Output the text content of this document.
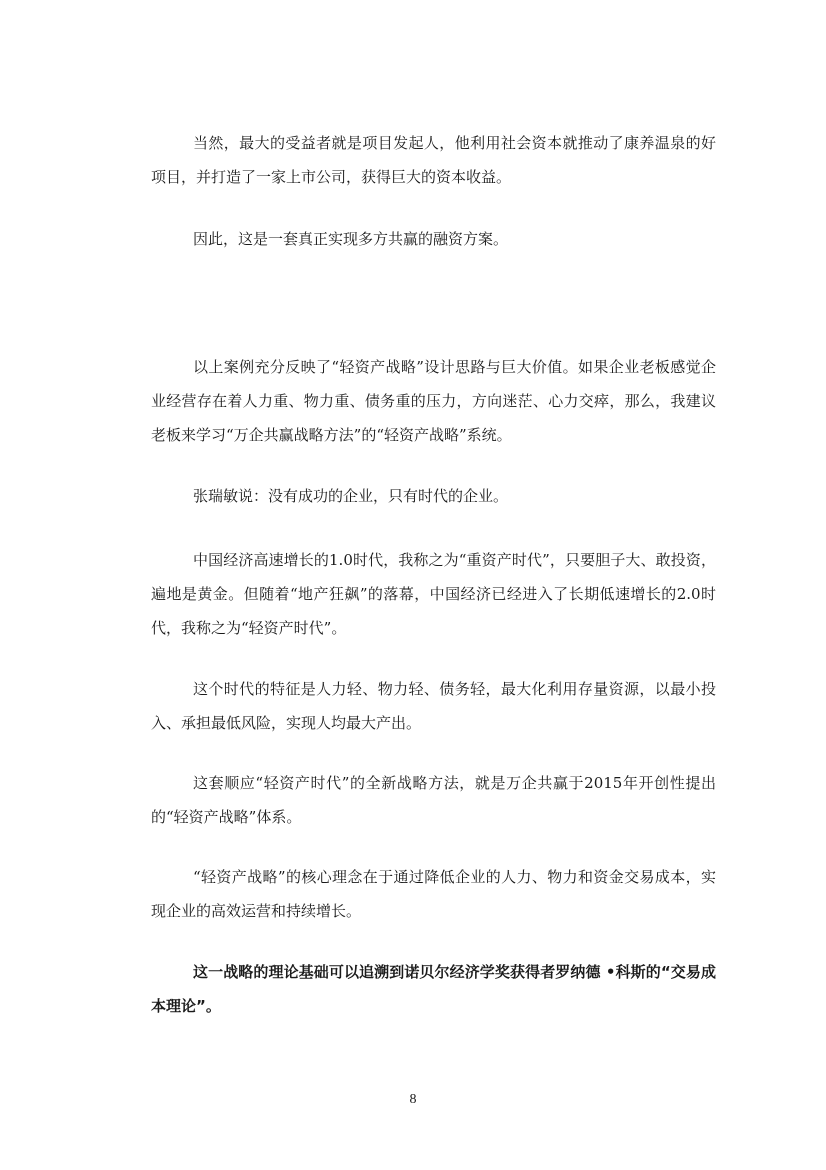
当然，最大的受益者就是项目发起人，他利用社会资本就推动了康养温泉的好项目，并打造了一家上市公司，获得巨大的资本收益。

因此，这是一套真正实现多方共赢的融资方案。

以上案例充分反映了“轻资产战略”设计思路与巨大价值。如果企业老板感觉企业经营存在着人力重、物力重、债务重的压力，方向迷茫、心力交瘁，那么，我建议老板来学习“万企共赢战略方法”的“轻资产战略”系统。

张瑞敏说：没有成功的企业，只有时代的企业。

中国经济高速增长的1.0时代，我称之为“重资产时代”，只要胆子大、敢投资，遍地是黄金。但随着“地产狂飙”的落幕，中国经济已经进入了长期低速增长的2.0时代，我称之为“轻资产时代”。

这个时代的特征是人力轻、物力轻、债务轻，最大化利用存量资源，以最小投入、承担最低风险，实现人均最大产出。

这套顺应“轻资产时代”的全新战略方法，就是万企共赢于2015年开创性提出的“轻资产战略”体系。

“轻资产战略”的核心理念在于通过降低企业的人力、物力和资金交易成本，实现企业的高效运营和持续增长。

这一战略的理论基础可以追溯到诺贝尔经济学奖获得者罗纳德 •科斯的“交易成本理论”。

8
